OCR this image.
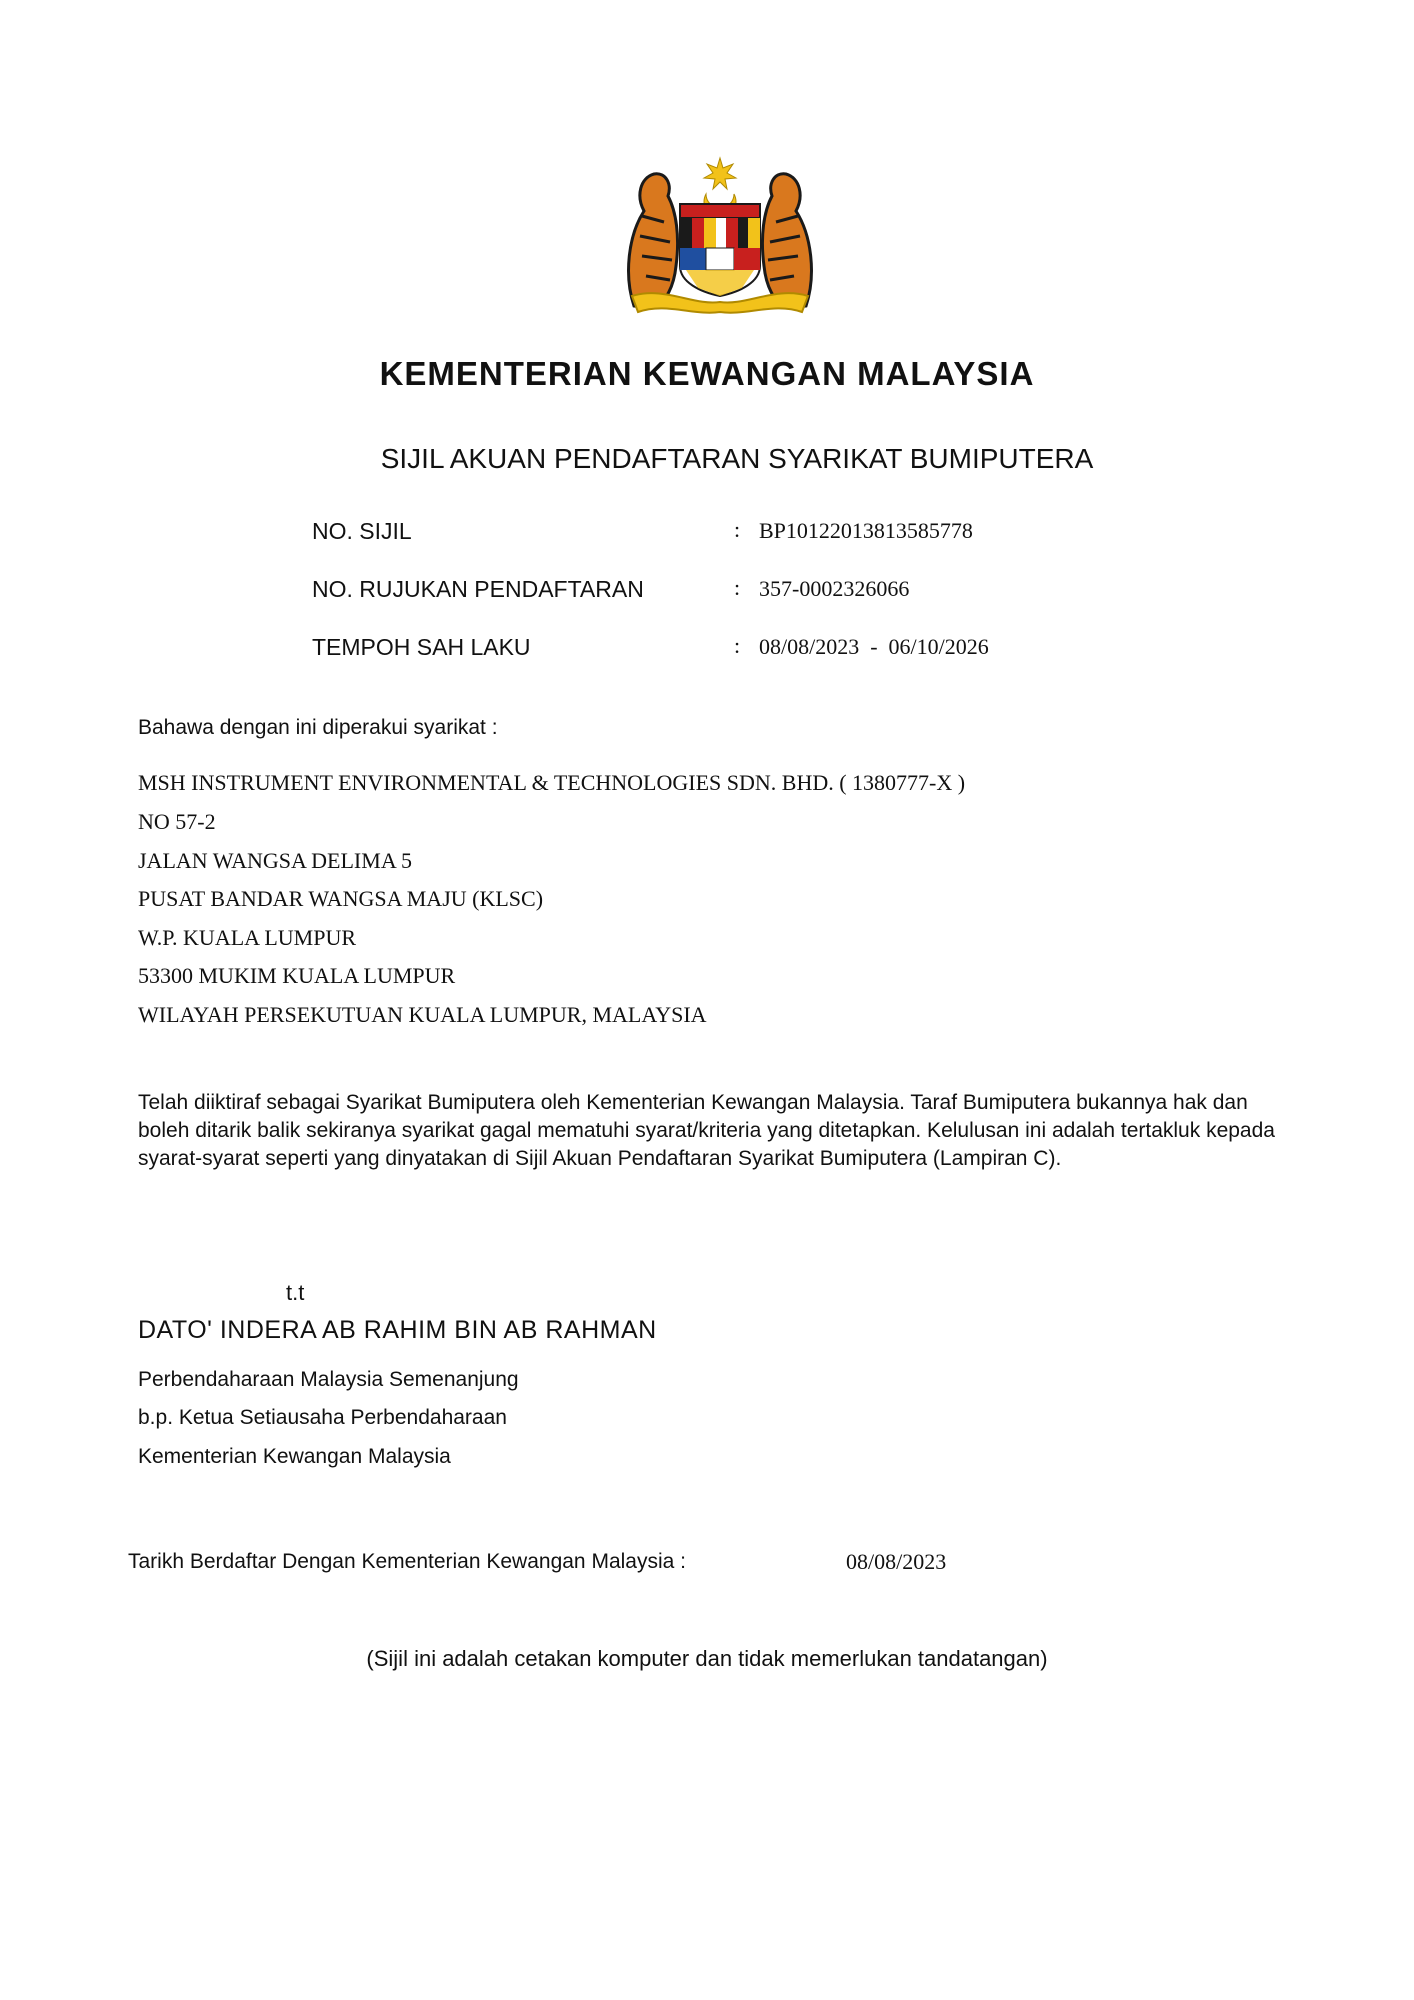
KEMENTERIAN KEWANGAN MALAYSIA
SIJIL AKUAN PENDAFTARAN SYARIKAT BUMIPUTERA
NO. SIJIL	: BP10122013813585778
NO. RUJUKAN PENDAFTARAN	: 357-0002326066
TEMPOH SAH LAKU	: 08/08/2023  -  06/10/2026

Bahawa dengan ini diperakui syarikat :

MSH INSTRUMENT ENVIRONMENTAL & TECHNOLOGIES SDN. BHD. ( 1380777-X )

NO 57-2

JALAN WANGSA DELIMA 5

PUSAT BANDAR WANGSA MAJU (KLSC)

W.P. KUALA LUMPUR

53300 MUKIM KUALA LUMPUR

WILAYAH PERSEKUTUAN KUALA LUMPUR, MALAYSIA

Telah diiktiraf sebagai Syarikat Bumiputera oleh Kementerian Kewangan Malaysia. Taraf Bumiputera bukannya hak dan boleh ditarik balik sekiranya syarikat gagal mematuhi syarat/kriteria yang ditetapkan. Kelulusan ini adalah tertakluk kepada syarat-syarat seperti yang dinyatakan di Sijil Akuan Pendaftaran Syarikat Bumiputera (Lampiran C).

t.t

DATO' INDERA AB RAHIM BIN AB RAHMAN

Perbendaharaan Malaysia Semenanjung

b.p. Ketua Setiausaha Perbendaharaan

Kementerian Kewangan Malaysia

Tarikh Berdaftar Dengan Kementerian Kewangan Malaysia :	08/08/2023

(Sijil ini adalah cetakan komputer dan tidak memerlukan tandatangan)
